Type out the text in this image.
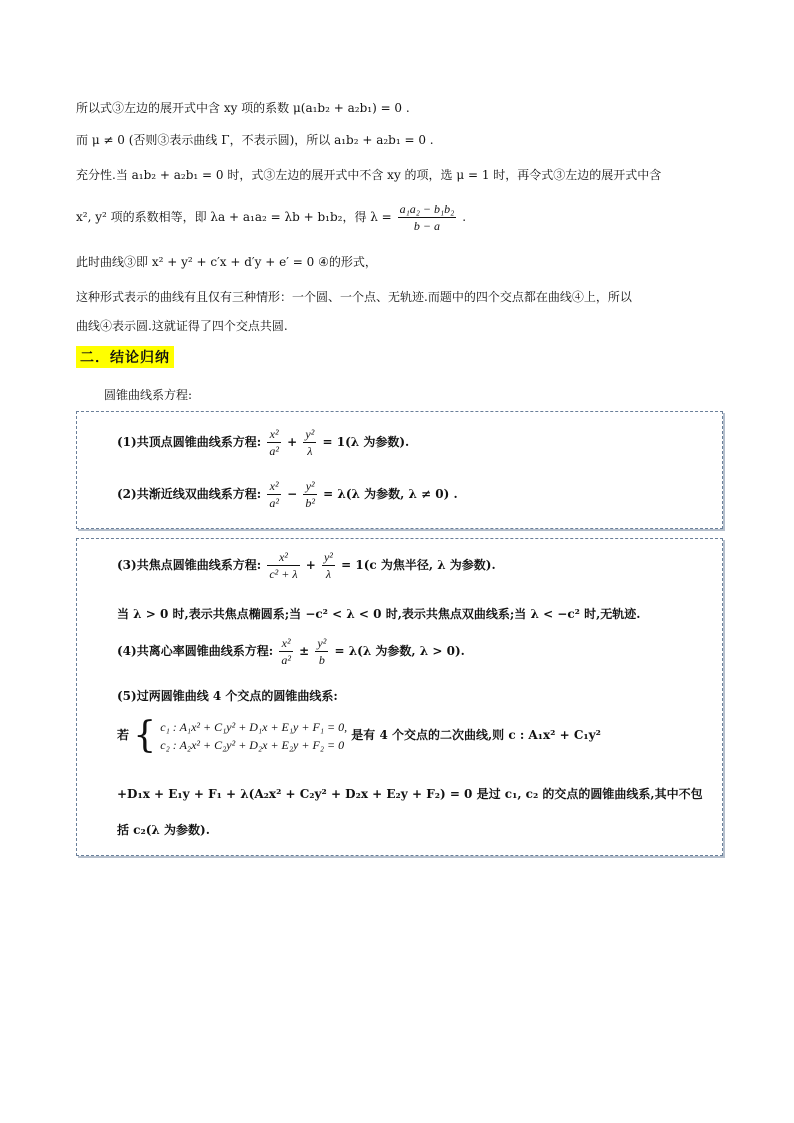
所以式③左边的展开式中含 xy 项的系数 μ(a₁b₂ + a₂b₁) = 0 .
而 μ ≠ 0 (否则③表示曲线 Γ，不表示圆)，所以 a₁b₂ + a₂b₁ = 0 .
充分性.当 a₁b₂ + a₂b₁ = 0 时，式③左边的展开式中不含 xy 的项，选 μ = 1 时，再令式③左边的展开式中含
x², y² 项的系数相等，即 λa + a₁a₂ = λb + b₁b₂，得 $\lambda = \frac{\text{a₁a₂ − b₁b₂}}{b - a}$ .
此时曲线③即 x² + y² + c′x + d′y + e′ = 0 ④的形式，
这种形式表示的曲线有且仅有三种情形：一个圆、一个点、无轨迹.而题中的四个交点都在曲线④上，所以
曲线④表示圆.这就证得了四个交点共圆.
二．结论归纳
圆锥曲线系方程:
(1)共顶点圆锥曲线系方程: $\frac{\text{x²}}{\text{a²}} + \frac{\text{y²}}{\lambda} = 1(\lambda$ 为参数).
(2)共渐近线双曲线系方程: $\frac{\text{x²}}{\text{a²}} - \frac{\text{y²}}{\text{b²}} = \lambda(\lambda$ 为参数, λ ≠ 0) .
(3)共焦点圆锥曲线系方程: $\frac{\text{x²}}{\text{c² + λ}} + \frac{\text{y²}}{\lambda} = 1(c$ 为焦半径, λ 为参数).
当 λ > 0 时,表示共焦点椭圆系;当 −c² < λ < 0 时,表示共焦点双曲线系;当 λ < −c² 时,无轨迹.
(4)共离心率圆锥曲线系方程: $\frac{\text{x²}}{\text{a²}} \pm \frac{\text{y²}}{b} = \lambda(\lambda$ 为参数, λ > 0).
(5)过两圆锥曲线 4 个交点的圆锥曲线系:
若 { c₁ : A₁x² + C₁y² + D₁x + E₁y + F₁ = 0,
c₂ : A₂x² + C₂y² + D₂x + E₂y + F₂ = 0
是有 4 个交点的二次曲线,则 c : A₁x² + C₁y²
+D₁x + E₁y + F₁ + λ(A₂x² + C₂y² + D₂x + E₂y + F₂) = 0 是过 c₁, c₂ 的交点的圆锥曲线系,其中不包
括 c₂(λ 为参数).
